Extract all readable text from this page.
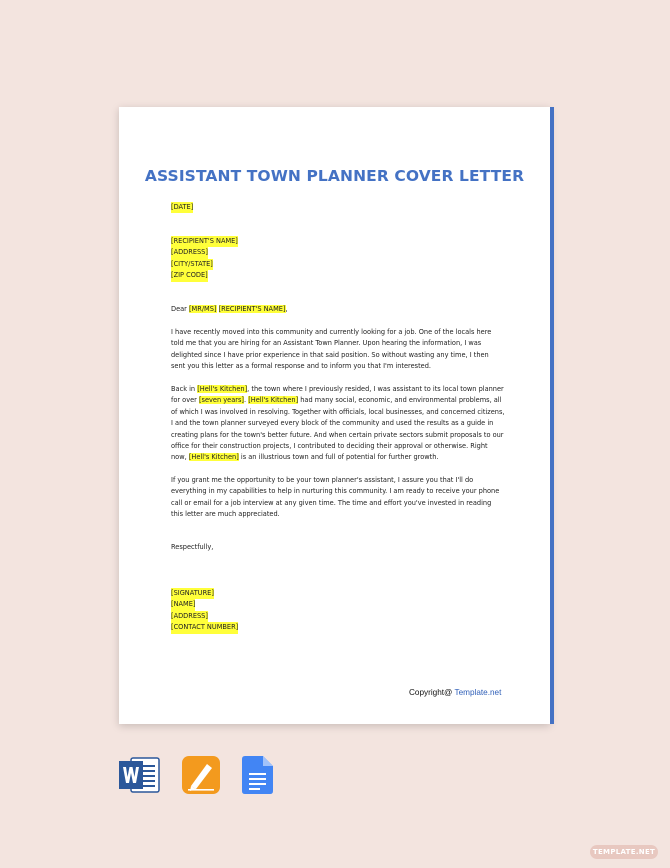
ASSISTANT TOWN PLANNER COVER LETTER
[DATE]
[RECIPIENT'S NAME]
[ADDRESS]
[CITY/STATE]
[ZIP CODE]
Dear [MR/MS] [RECIPIENT'S NAME],

I have recently moved into this community and currently looking for a job. One of the locals here told me that you are hiring for an Assistant Town Planner. Upon hearing the information, I was delighted since I have prior experience in that said position. So without wasting any time, I then sent you this letter as a formal response and to inform you that I'm interested.

Back in [Hell's Kitchen], the town where I previously resided, I was assistant to its local town planner for over [seven years]. [Hell's Kitchen] had many social, economic, and environmental problems, all of which I was involved in resolving. Together with officials, local businesses, and concerned citizens, I and the town planner surveyed every block of the community and used the results as a guide in creating plans for the town's better future. And when certain private sectors submit proposals to our office for their construction projects, I contributed to deciding their approval or otherwise. Right now, [Hell's Kitchen] is an illustrious town and full of potential for further growth.

If you grant me the opportunity to be your town planner's assistant, I assure you that I'll do everything in my capabilities to help in nurturing this community. I am ready to receive your phone call or email for a job interview at any given time. The time and effort you've invested in reading this letter are much appreciated.

Respectfully,
[SIGNATURE]
[NAME]
[ADDRESS]
[CONTACT NUMBER]
Copyright@ Template.net
TEMPLATE.NET
